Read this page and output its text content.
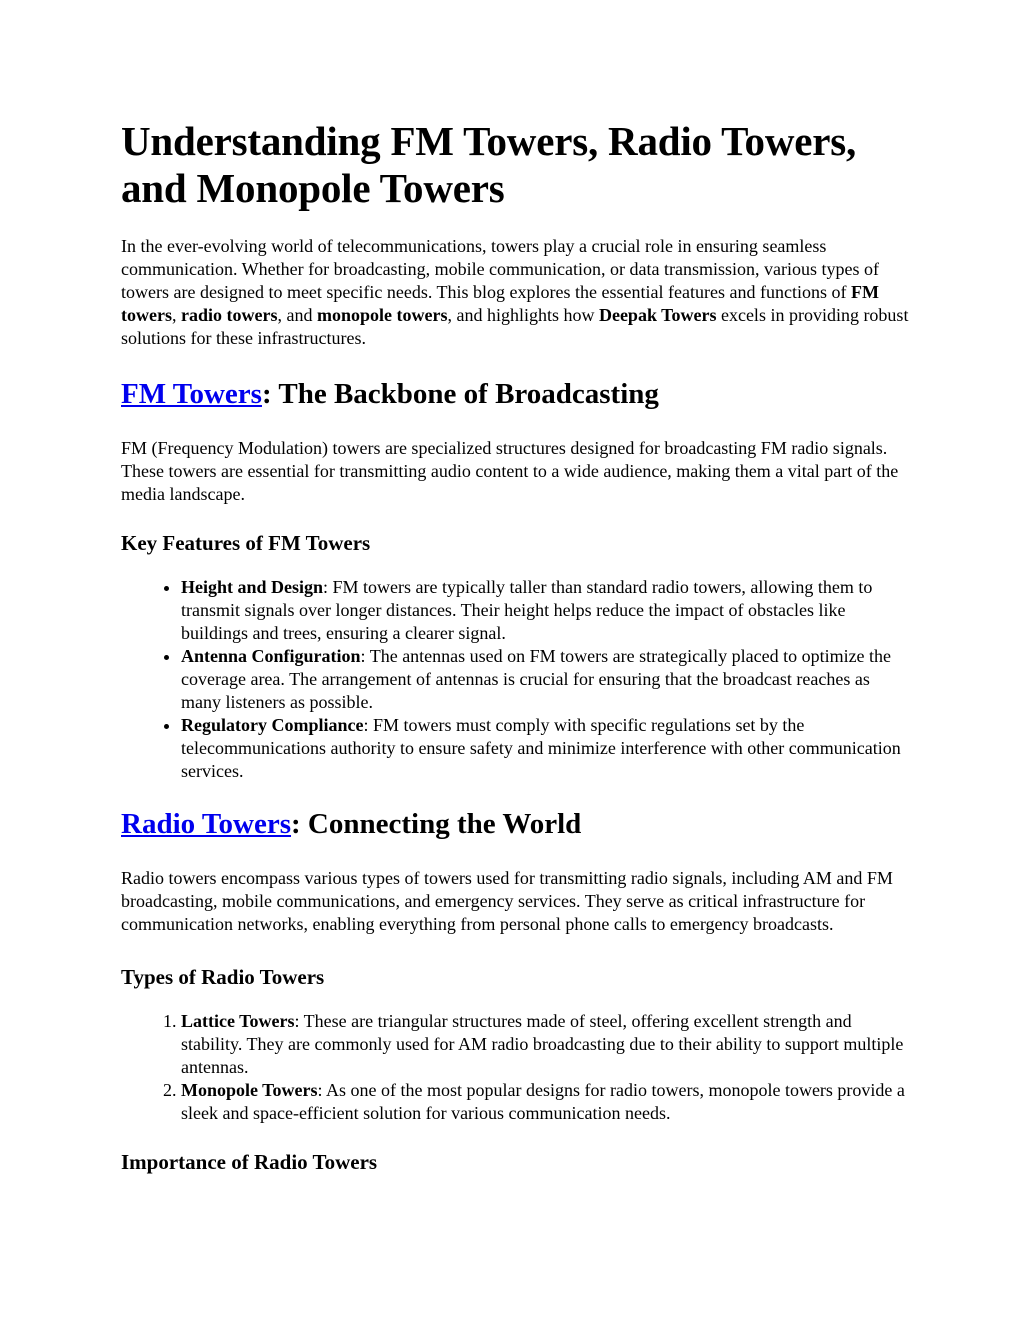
Understanding FM Towers, Radio Towers, and Monopole Towers

In the ever-evolving world of telecommunications, towers play a crucial role in ensuring seamless communication. Whether for broadcasting, mobile communication, or data transmission, various types of towers are designed to meet specific needs. This blog explores the essential features and functions of FM towers, radio towers, and monopole towers, and highlights how Deepak Towers excels in providing robust solutions for these infrastructures.

FM Towers: The Backbone of Broadcasting

FM (Frequency Modulation) towers are specialized structures designed for broadcasting FM radio signals. These towers are essential for transmitting audio content to a wide audience, making them a vital part of the media landscape.

Key Features of FM Towers
• Height and Design: FM towers are typically taller than standard radio towers, allowing them to transmit signals over longer distances. Their height helps reduce the impact of obstacles like buildings and trees, ensuring a clearer signal.
• Antenna Configuration: The antennas used on FM towers are strategically placed to optimize the coverage area. The arrangement of antennas is crucial for ensuring that the broadcast reaches as many listeners as possible.
• Regulatory Compliance: FM towers must comply with specific regulations set by the telecommunications authority to ensure safety and minimize interference with other communication services.
Radio Towers: Connecting the World

Radio towers encompass various types of towers used for transmitting radio signals, including AM and FM broadcasting, mobile communications, and emergency services. They serve as critical infrastructure for communication networks, enabling everything from personal phone calls to emergency broadcasts.

Types of Radio Towers
1. Lattice Towers: These are triangular structures made of steel, offering excellent strength and stability. They are commonly used for AM radio broadcasting due to their ability to support multiple antennas.
2. Monopole Towers: As one of the most popular designs for radio towers, monopole towers provide a sleek and space-efficient solution for various communication needs.
Importance of Radio Towers
